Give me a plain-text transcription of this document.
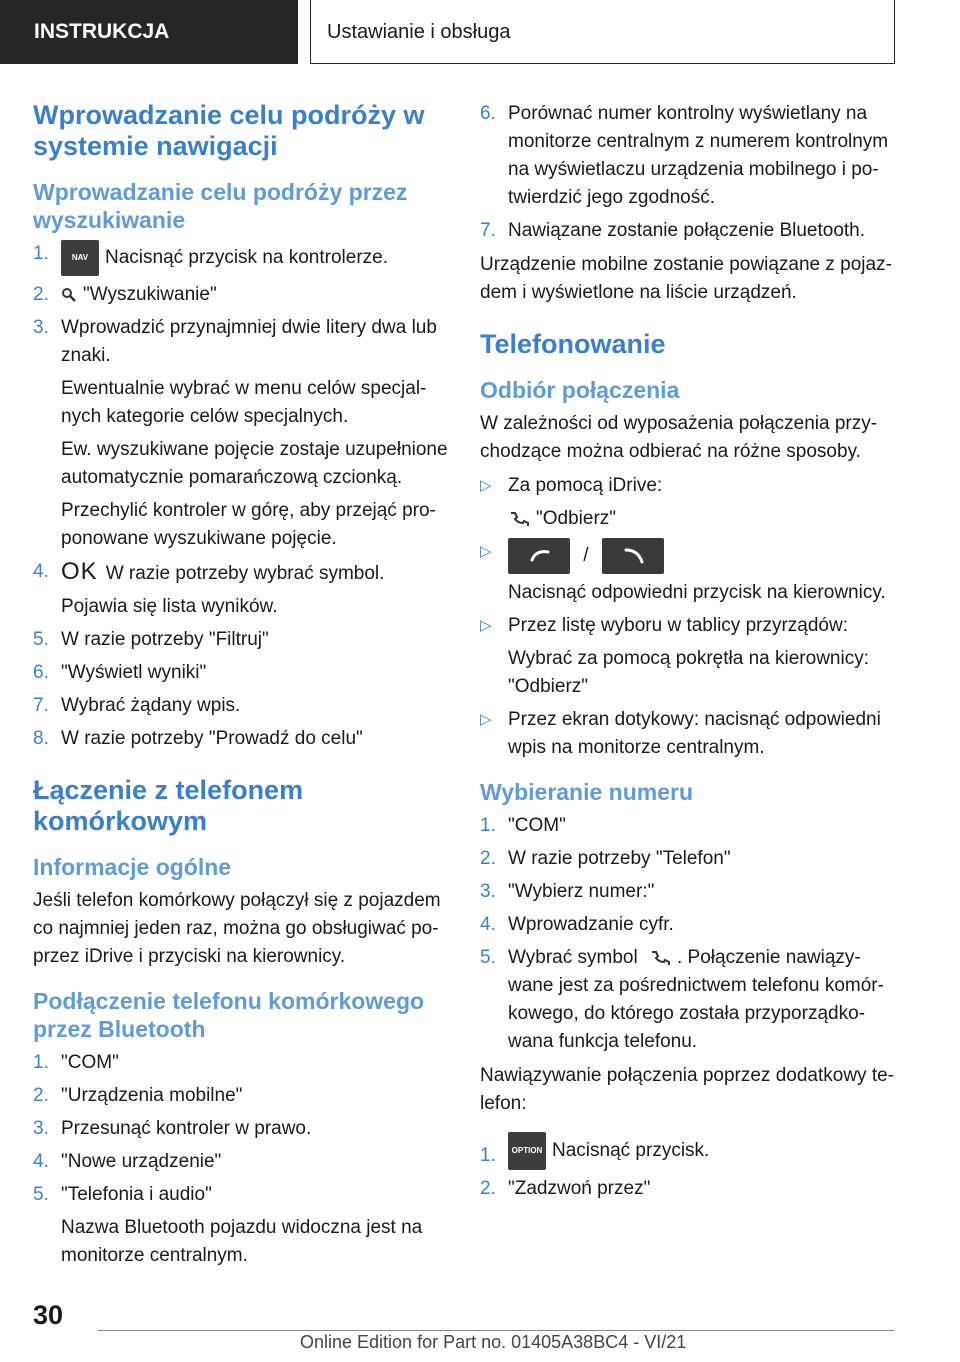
INSTRUKCJA	Ustawianie i obsługa
Wprowadzanie celu podróży w systemie nawigacji
Wprowadzanie celu podróży przez wyszukiwanie
1.	NAV Nacisnąć przycisk na kontrolerze.
2. "Wyszukiwanie"
3. Wprowadzić przynajmniej dwie litery dwa lub znaki.

Ewentualnie wybrać w menu celów specjal-nych kategorie celów specjalnych.

Ew. wyszukiwane pojęcie zostaje uzupełnione automatycznie pomarańczową czcionką.

Przechylić kontroler w górę, aby przejąć pro-ponowane wyszukiwane pojęcie.

4. OK W razie potrzeby wybrać symbol.

Pojawia się lista wyników.

5. W razie potrzeby "Filtruj"
6. "Wyświetl wyniki"
7. Wybrać żądany wpis.
8. W razie potrzeby "Prowadź do celu"
Łączenie z telefonem komórkowym
Informacje ogólne

Jeśli telefon komórkowy połączył się z pojazdem co najmniej jeden raz, można go obsługiwać po-przez iDrive i przyciski na kierownicy.

Podłączenie telefonu komórkowego przez Bluetooth
1. "COM"
2. "Urządzenia mobilne"
3. Przesunąć kontroler w prawo.
4. "Nowe urządzenie"
5. "Telefonia i audio"

Nazwa Bluetooth pojazdu widoczna jest na monitorze centralnym.

6. Porównać numer kontrolny wyświetlany na monitorze centralnym z numerem kontrolnym na wyświetlaczu urządzenia mobilnego i po-twierdzić jego zgodność.
7. Nawiązane zostanie połączenie Bluetooth.

Urządzenie mobilne zostanie powiązane z pojaz-dem i wyświetlone na liście urządzeń.

Telefonowanie
Odbiór połączenia

W zależności od wyposażenia połączenia przy-chodzące można odbierać na różne sposoby.

▷ Za pomocą iDrive:

"Odbierz"

▷	/

Nacisnąć odpowiedni przycisk na kierownicy.

▷ Przez listę wyboru w tablicy przyrządów:

Wybrać za pomocą pokrętła na kierownicy: "Odbierz"

▷ Przez ekran dotykowy: nacisnąć odpowiedni wpis na monitorze centralnym.
Wybieranie numeru
1. "COM"
2. W razie potrzeby "Telefon"
3. "Wybierz numer:"
4. Wprowadzanie cyfr.
5. Wybrać symbol . Połączenie nawiązy-wane jest za pośrednictwem telefonu komór-kowego, do którego została przyporządko-wana funkcja telefonu.

Nawiązywanie połączenia poprzez dodatkowy te-lefon:

1. OPTION Nacisnąć przycisk.
2. "Zadzwoń przez"
30
Online Edition for Part no. 01405A38BC4 - VI/21
